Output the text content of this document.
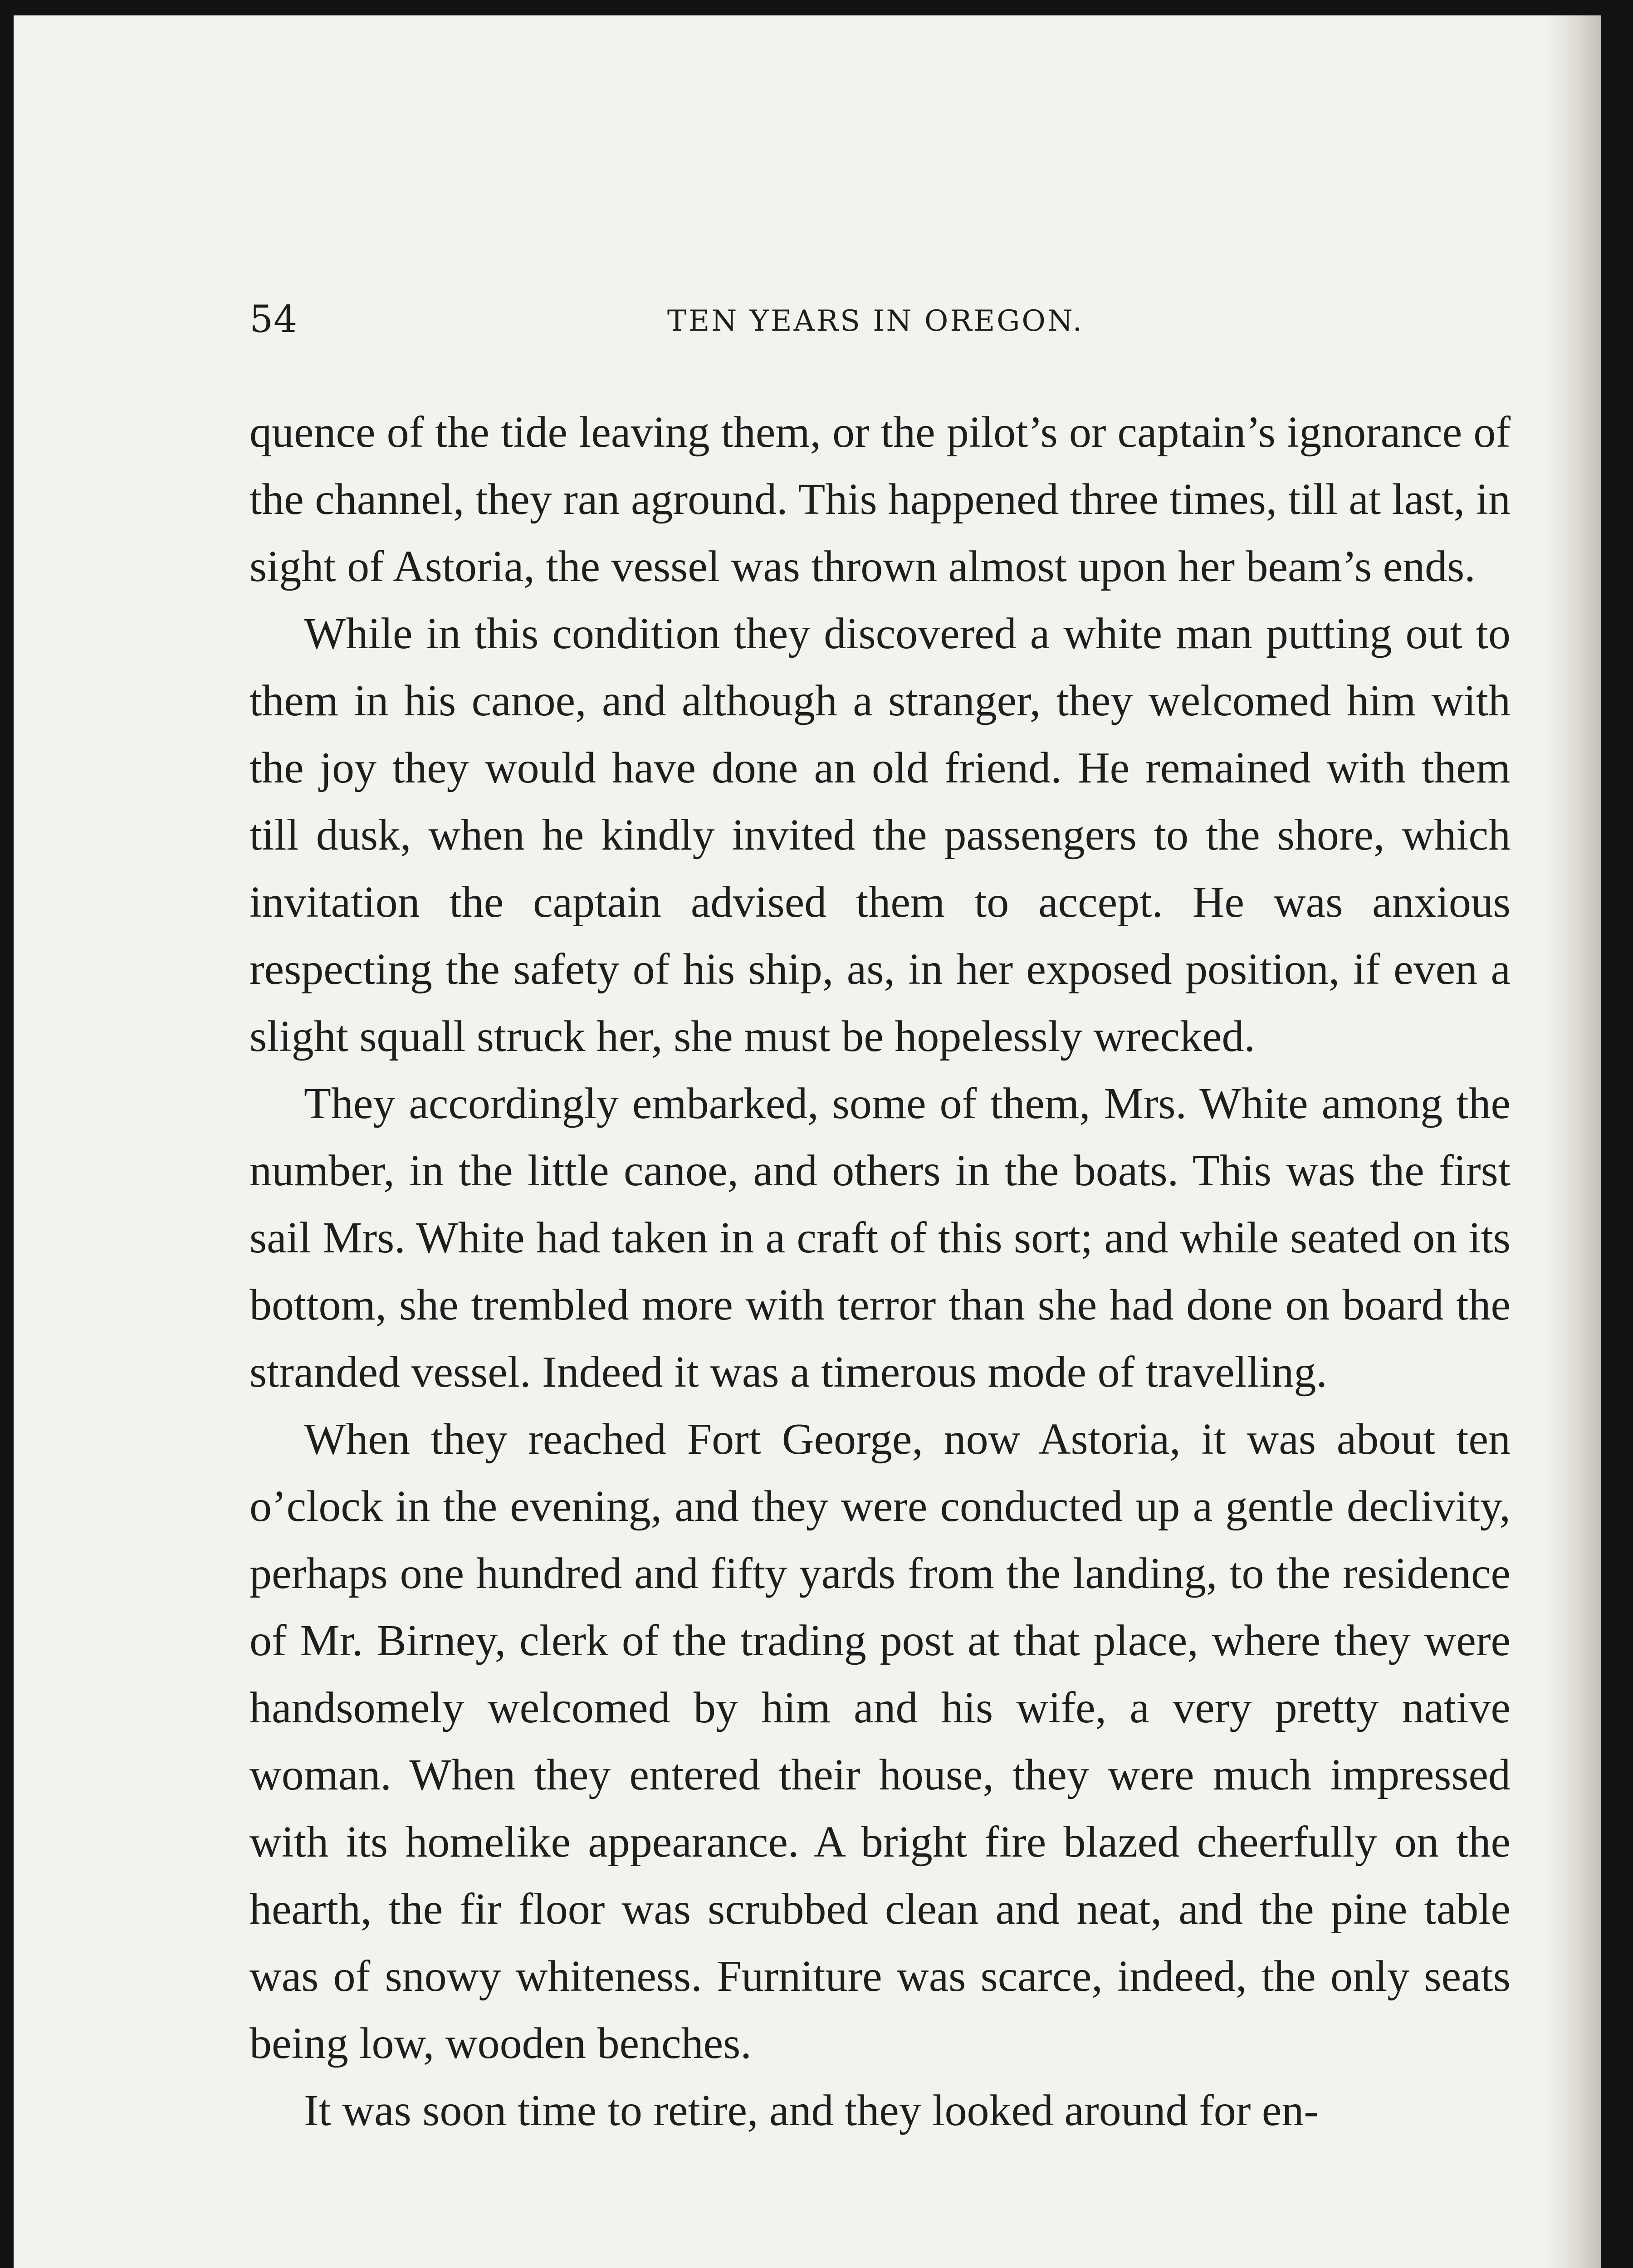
54	TEN YEARS IN OREGON.

quence of the tide leaving them, or the pilot’s or captain’s ignorance of the channel, they ran aground. This happened three times, till at last, in sight of Astoria, the vessel was thrown almost upon her beam’s ends.

While in this condition they discovered a white man putting out to them in his canoe, and although a stranger, they welcomed him with the joy they would have done an old friend. He remained with them till dusk, when he kindly invited the passengers to the shore, which invitation the captain advised them to accept. He was anxious respecting the safety of his ship, as, in her exposed position, if even a slight squall struck her, she must be hopelessly wrecked.

They accordingly embarked, some of them, Mrs. White among the number, in the little canoe, and others in the boats. This was the first sail Mrs. White had taken in a craft of this sort; and while seated on its bottom, she trembled more with terror than she had done on board the stranded vessel. Indeed it was a timerous mode of travelling.

When they reached Fort George, now Astoria, it was about ten o’clock in the evening, and they were conducted up a gentle declivity, perhaps one hundred and fifty yards from the landing, to the residence of Mr. Birney, clerk of the trading post at that place, where they were handsomely welcomed by him and his wife, a very pretty native woman. When they entered their house, they were much impressed with its homelike appearance. A bright fire blazed cheerfully on the hearth, the fir floor was scrubbed clean and neat, and the pine table was of snowy whiteness. Furniture was scarce, indeed, the only seats being low, wooden benches.

It was soon time to retire, and they looked around for en-
